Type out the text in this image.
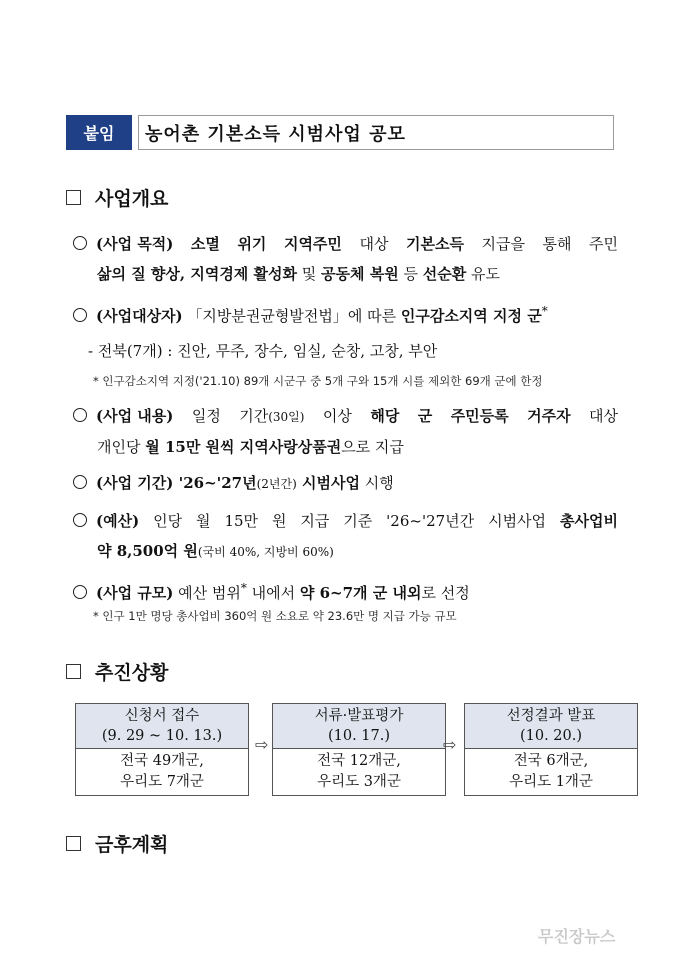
붙임	농어촌 기본소득 시범사업 공모
사업개요
(사업 목적) 소멸 위기 지역주민 대상 기본소득 지급을 통해 주민
삶의 질 향상, 지역경제 활성화 및 공동체 복원 등 선순환 유도
(사업대상자) 「지방분권균형발전법」에 따른 인구감소지역 지정 군*
- 전북(7개) : 진안, 무주, 장수, 임실, 순창, 고창, 부안
* 인구감소지역 지정('21.10) 89개 시군구 중 5개 구와 15개 시를 제외한 69개 군에 한정
(사업 내용) 일정 기간(30일) 이상 해당 군 주민등록 거주자 대상
개인당 월 15만 원씩 지역사랑상품권으로 지급
(사업 기간) '26~'27년(2년간) 시범사업 시행
(예산) 인당 월 15만 원 지급 기준 '26~'27년간 시범사업 총사업비
약 8,500억 원(국비 40%, 지방비 60%)
(사업 규모) 예산 범위* 내에서 약 6~7개 군 내외로 선정
* 인구 1만 명당 총사업비 360억 원 소요로 약 23.6만 명 지급 가능 규모
추진상황
신청서 접수
(9. 29 ~ 10. 13.)
전국 49개군,
우리도 7개군
⇨
서류·발표평가
(10. 17.)
전국 12개군,
우리도 3개군
⇨
선정결과 발표
(10. 20.)
전국 6개군,
우리도 1개군
금후계획
무진장뉴스
